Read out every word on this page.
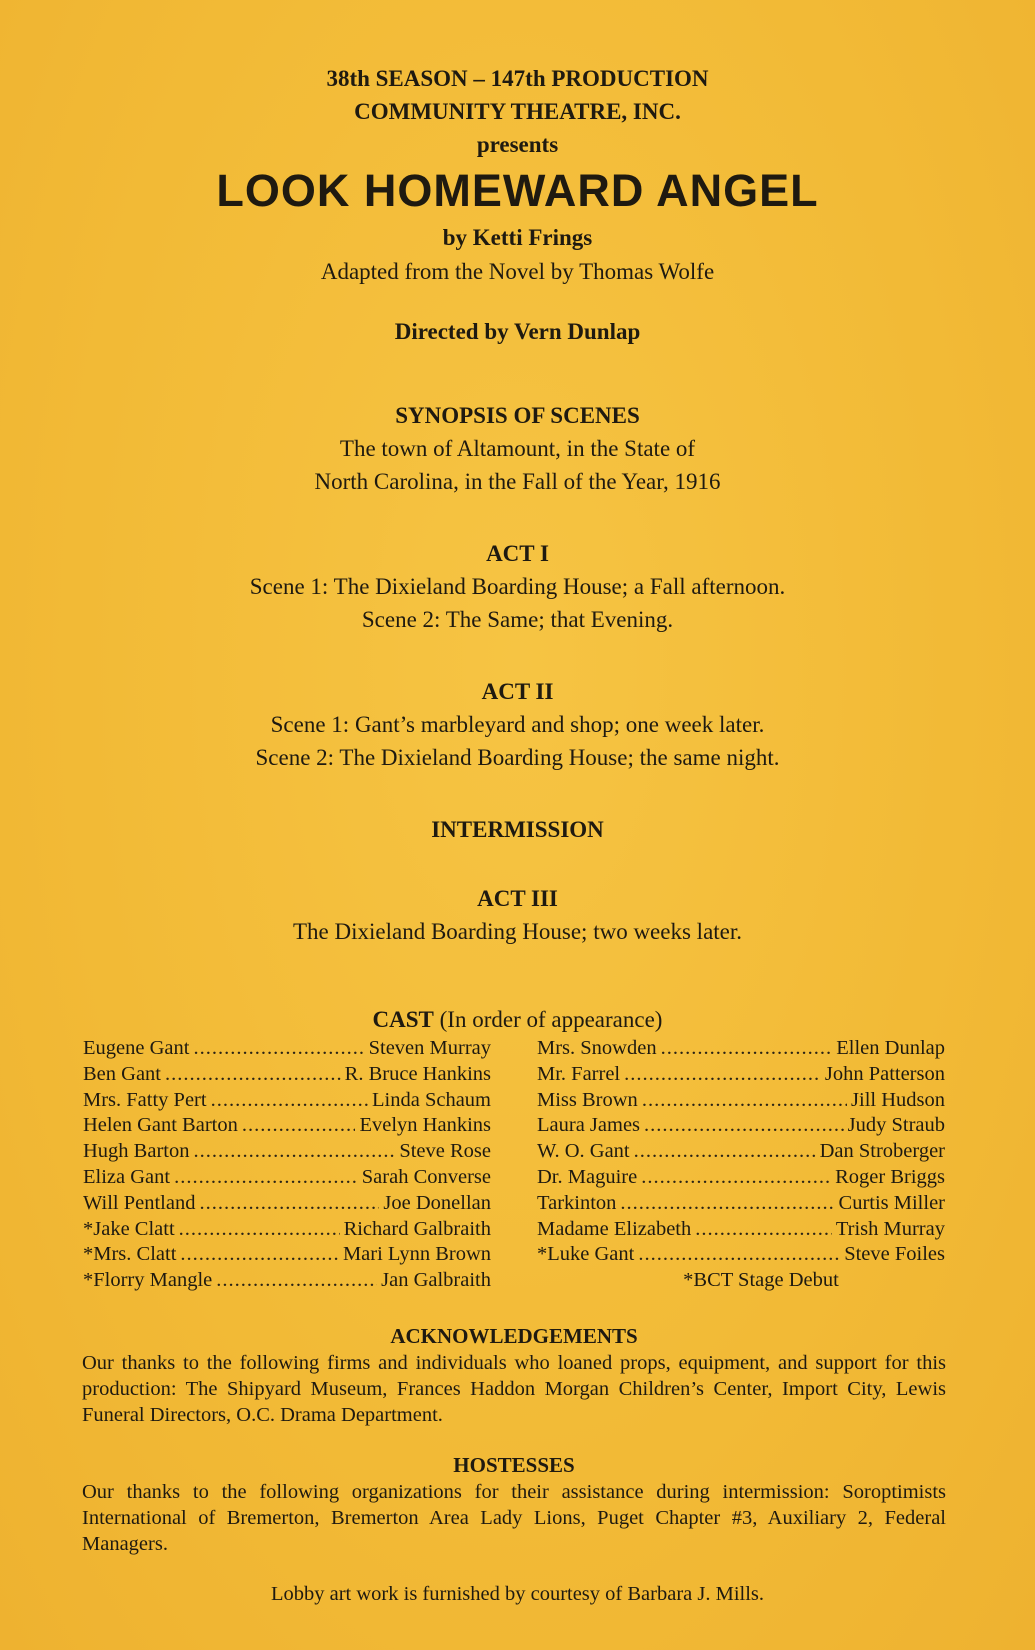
38th SEASON – 147th PRODUCTION
COMMUNITY THEATRE, INC.
presents
LOOK HOMEWARD ANGEL
by Ketti Frings
Adapted from the Novel by Thomas Wolfe
Directed by Vern Dunlap
SYNOPSIS OF SCENES
The town of Altamount, in the State of
North Carolina, in the Fall of the Year, 1916
ACT I
Scene 1: The Dixieland Boarding House; a Fall afternoon.
Scene 2: The Same; that Evening.
ACT II
Scene 1: Gant’s marbleyard and shop; one week later.
Scene 2: The Dixieland Boarding House; the same night.
INTERMISSION
ACT III
The Dixieland Boarding House; two weeks later.
CAST (In order of appearance)
Eugene Gant .....	Steven Murray
Ben Gant .....	R. Bruce Hankins
Mrs. Fatty Pert .....	Linda Schaum
Helen Gant Barton .....	Evelyn Hankins
Hugh Barton .....	Steve Rose
Eliza Gant .....	Sarah Converse
Will Pentland .....	Joe Donellan
*Jake Clatt .....	Richard Galbraith
*Mrs. Clatt .....	Mari Lynn Brown
*Florry Mangle .....	Jan Galbraith
Mrs. Snowden .....	Ellen Dunlap
Mr. Farrel .....	John Patterson
Miss Brown .....	Jill Hudson
Laura James .....	Judy Straub
W. O. Gant .....	Dan Stroberger
Dr. Maguire .....	Roger Briggs
Tarkinton .....	Curtis Miller
Madame Elizabeth .....	Trish Murray
*Luke Gant .....	Steve Foiles
*BCT Stage Debut
ACKNOWLEDGEMENTS
Our thanks to the following firms and individuals who loaned props, equipment, and support for this production: The Shipyard Museum, Frances Haddon Morgan Children’s Center, Import City, Lewis Funeral Directors, O.C. Drama Department.
HOSTESSES
Our thanks to the following organizations for their assistance during intermission: Soroptimists International of Bremerton, Bremerton Area Lady Lions, Puget Chapter #3, Auxiliary 2, Federal Managers.
Lobby art work is furnished by courtesy of Barbara J. Mills.
